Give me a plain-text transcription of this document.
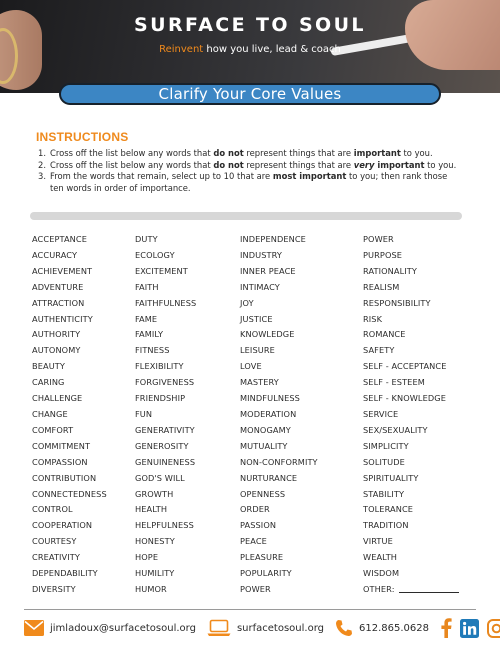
SURFACE TO SOUL
Reinvent how you live, lead & coach
Clarify Your Core Values
INSTRUCTIONS
1. Cross off the list below any words that do not represent things that are important to you.
2. Cross off the list below any words that do not represent things that are very important to you.
3. From the words that remain, select up to 10 that are most important to you; then rank those ten words in order of importance.
ACCEPTANCE
ACCURACY
ACHIEVEMENT
ADVENTURE
ATTRACTION
AUTHENTICITY
AUTHORITY
AUTONOMY
BEAUTY
CARING
CHALLENGE
CHANGE
COMFORT
COMMITMENT
COMPASSION
CONTRIBUTION
CONNECTEDNESS
CONTROL
COOPERATION
COURTESY
CREATIVITY
DEPENDABILITY
DIVERSITY
DUTY
ECOLOGY
EXCITEMENT
FAITH
FAITHFULNESS
FAME
FAMILY
FITNESS
FLEXIBILITY
FORGIVENESS
FRIENDSHIP
FUN
GENERATIVITY
GENEROSITY
GENUINENESS
GOD'S WILL
GROWTH
HEALTH
HELPFULNESS
HONESTY
HOPE
HUMILITY
HUMOR
INDEPENDENCE
INDUSTRY
INNER PEACE
INTIMACY
JOY
JUSTICE
KNOWLEDGE
LEISURE
LOVE
MASTERY
MINDFULNESS
MODERATION
MONOGAMY
MUTUALITY
NON-CONFORMITY
NURTURANCE
OPENNESS
ORDER
PASSION
PEACE
PLEASURE
POPULARITY
POWER
POWER
PURPOSE
RATIONALITY
REALISM
RESPONSIBILITY
RISK
ROMANCE
SAFETY
SELF - ACCEPTANCE
SELF - ESTEEM
SELF - KNOWLEDGE
SERVICE
SEX/SEXUALITY
SIMPLICITY
SOLITUDE
SPIRITUALITY
STABILITY
TOLERANCE
TRADITION
VIRTUE
WEALTH
WISDOM
OTHER:
jimladoux@surfacetosoul.org	surfacetosoul.org	612.865.0628
